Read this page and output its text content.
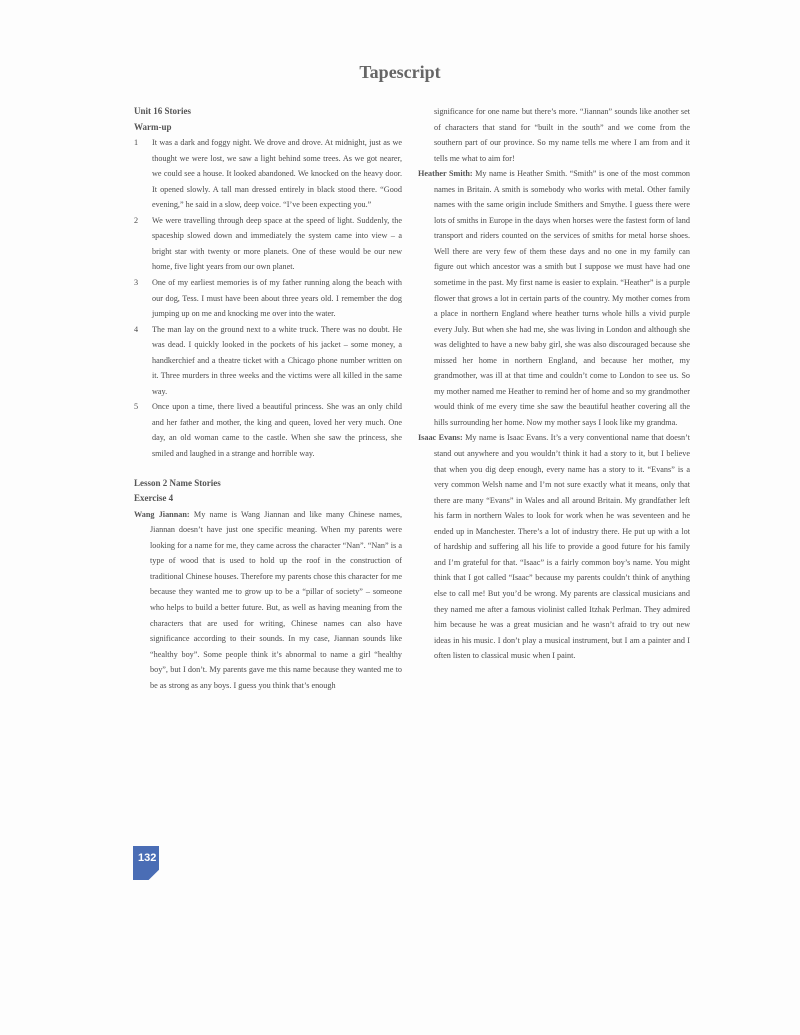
Tapescript
Unit 16 Stories
Warm-up
1 It was a dark and foggy night. We drove and drove. At midnight, just as we thought we were lost, we saw a light behind some trees. As we got nearer, we could see a house. It looked abandoned. We knocked on the heavy door. It opened slowly. A tall man dressed entirely in black stood there. “Good evening,” he said in a slow, deep voice. “I’ve been expecting you.”
2 We were travelling through deep space at the speed of light. Suddenly, the spaceship slowed down and immediately the system came into view – a bright star with twenty or more planets. One of these would be our new home, five light years from our own planet.
3 One of my earliest memories is of my father running along the beach with our dog, Tess. I must have been about three years old. I remember the dog jumping up on me and knocking me over into the water.
4 The man lay on the ground next to a white truck. There was no doubt. He was dead. I quickly looked in the pockets of his jacket – some money, a handkerchief and a theatre ticket with a Chicago phone number written on it. Three murders in three weeks and the victims were all killed in the same way.
5 Once upon a time, there lived a beautiful princess. She was an only child and her father and mother, the king and queen, loved her very much. One day, an old woman came to the castle. When she saw the princess, she smiled and laughed in a strange and horrible way.
Lesson 2 Name Stories
Exercise 4
Wang Jiannan: My name is Wang Jiannan and like many Chinese names, Jiannan doesn’t have just one specific meaning. When my parents were looking for a name for me, they came across the character “Nan”. “Nan” is a type of wood that is used to hold up the roof in the construction of traditional Chinese houses. Therefore my parents chose this character for me because they wanted me to grow up to be a “pillar of society” – someone who helps to build a better future. But, as well as having meaning from the characters that are used for writing, Chinese names can also have significance according to their sounds. In my case, Jiannan sounds like “healthy boy”. Some people think it’s abnormal to name a girl “healthy boy”, but I don’t. My parents gave me this name because they wanted me to be as strong as any boys. I guess you think that’s enough
significance for one name but there’s more. “Jiannan” sounds like another set of characters that stand for “built in the south” and we come from the southern part of our province. So my name tells me where I am from and it tells me what to aim for!
Heather Smith: My name is Heather Smith. “Smith” is one of the most common names in Britain. A smith is somebody who works with metal. Other family names with the same origin include Smithers and Smythe. I guess there were lots of smiths in Europe in the days when horses were the fastest form of land transport and riders counted on the services of smiths for metal horse shoes. Well there are very few of them these days and no one in my family can figure out which ancestor was a smith but I suppose we must have had one sometime in the past. My first name is easier to explain. “Heather” is a purple flower that grows a lot in certain parts of the country. My mother comes from a place in northern England where heather turns whole hills a vivid purple every July. But when she had me, she was living in London and although she was delighted to have a new baby girl, she was also discouraged because she missed her home in northern England, and because her mother, my grandmother, was ill at that time and couldn’t come to London to see us. So my mother named me Heather to remind her of home and so my grandmother would think of me every time she saw the beautiful heather covering all the hills surrounding her home. Now my mother says I look like my grandma.
Isaac Evans: My name is Isaac Evans. It’s a very conventional name that doesn’t stand out anywhere and you wouldn’t think it had a story to it, but I believe that when you dig deep enough, every name has a story to it. “Evans” is a very common Welsh name and I’m not sure exactly what it means, only that there are many “Evans” in Wales and all around Britain. My grandfather left his farm in northern Wales to look for work when he was seventeen and he ended up in Manchester. There’s a lot of industry there. He put up with a lot of hardship and suffering all his life to provide a good future for his family and I’m grateful for that. “Isaac” is a fairly common boy’s name. You might think that I got called “Isaac” because my parents couldn’t think of anything else to call me! But you’d be wrong. My parents are classical musicians and they named me after a famous violinist called Itzhak Perlman. They admired him because he was a great musician and he wasn’t afraid to try out new ideas in his music. I don’t play a musical instrument, but I am a painter and I often listen to classical music when I paint.
132
